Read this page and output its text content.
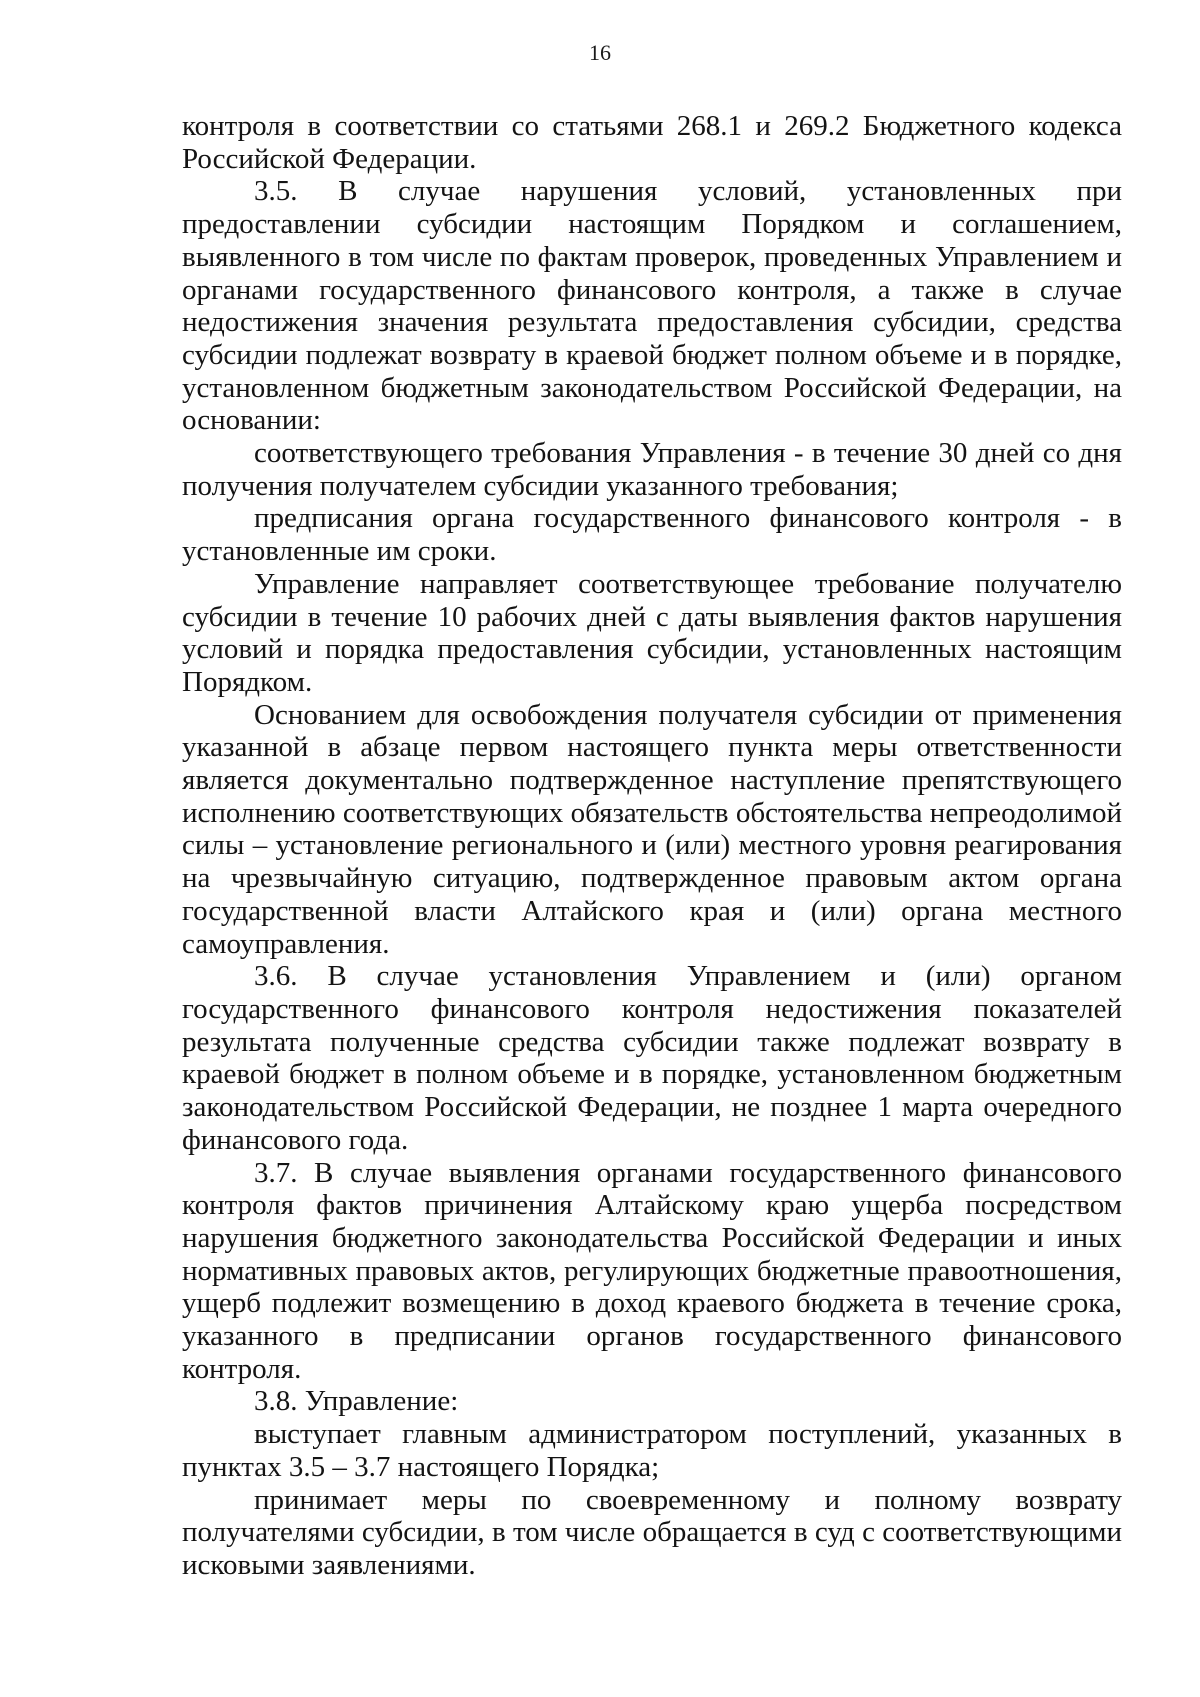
16

контроля в соответствии со статьями 268.1 и 269.2 Бюджетного кодекса Российской Федерации.

3.5. В случае нарушения условий, установленных при предоставлении субсидии настоящим Порядком и соглашением, выявленного в том числе по фактам проверок, проведенных Управлением и органами государственного финансового контроля, а также в случае недостижения значения результата предоставления субсидии, средства субсидии подлежат возврату в краевой бюджет полном объеме и в порядке, установленном бюджетным законодательством Российской Федерации, на основании:

соответствующего требования Управления - в течение 30 дней со дня получения получателем субсидии указанного требования;

предписания органа государственного финансового контроля - в установленные им сроки.

Управление направляет соответствующее требование получателю субсидии в течение 10 рабочих дней с даты выявления фактов нарушения условий и порядка предоставления субсидии, установленных настоящим Порядком.

Основанием для освобождения получателя субсидии от применения указанной в абзаце первом настоящего пункта меры ответственности является документально подтвержденное наступление препятствующего исполнению соответствующих обязательств обстоятельства непреодолимой силы – установление регионального и (или) местного уровня реагирования на чрезвычайную ситуацию, подтвержденное правовым актом органа государственной власти Алтайского края и (или) органа местного самоуправления.

3.6. В случае установления Управлением и (или) органом государственного финансового контроля недостижения показателей результата полученные средства субсидии также подлежат возврату в краевой бюджет в полном объеме и в порядке, установленном бюджетным законодательством Российской Федерации, не позднее 1 марта очередного финансового года.

3.7. В случае выявления органами государственного финансового контроля фактов причинения Алтайскому краю ущерба посредством нарушения бюджетного законодательства Российской Федерации и иных нормативных правовых актов, регулирующих бюджетные правоотношения, ущерб подлежит возмещению в доход краевого бюджета в течение срока, указанного в предписании органов государственного финансового контроля.

3.8. Управление:

выступает главным администратором поступлений, указанных в пунктах 3.5 – 3.7 настоящего Порядка;

принимает меры по своевременному и полному возврату получателями субсидии, в том числе обращается в суд с соответствующими исковыми заявлениями.
